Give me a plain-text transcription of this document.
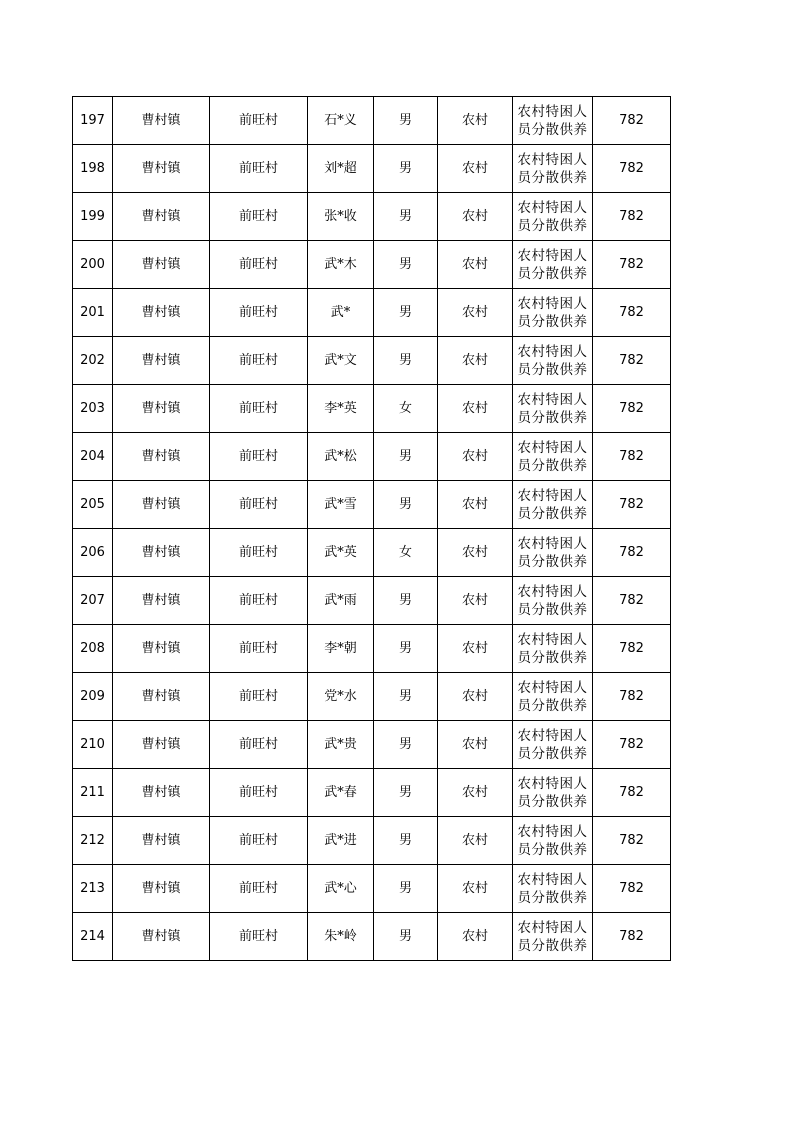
197	曹村镇	前旺村	石*义	男	农村	农村特困人员分散供养	782
198	曹村镇	前旺村	刘*超	男	农村	农村特困人员分散供养	782
199	曹村镇	前旺村	张*收	男	农村	农村特困人员分散供养	782
200	曹村镇	前旺村	武*木	男	农村	农村特困人员分散供养	782
201	曹村镇	前旺村	武*	男	农村	农村特困人员分散供养	782
202	曹村镇	前旺村	武*文	男	农村	农村特困人员分散供养	782
203	曹村镇	前旺村	李*英	女	农村	农村特困人员分散供养	782
204	曹村镇	前旺村	武*松	男	农村	农村特困人员分散供养	782
205	曹村镇	前旺村	武*雪	男	农村	农村特困人员分散供养	782
206	曹村镇	前旺村	武*英	女	农村	农村特困人员分散供养	782
207	曹村镇	前旺村	武*雨	男	农村	农村特困人员分散供养	782
208	曹村镇	前旺村	李*朝	男	农村	农村特困人员分散供养	782
209	曹村镇	前旺村	党*水	男	农村	农村特困人员分散供养	782
210	曹村镇	前旺村	武*贵	男	农村	农村特困人员分散供养	782
211	曹村镇	前旺村	武*春	男	农村	农村特困人员分散供养	782
212	曹村镇	前旺村	武*进	男	农村	农村特困人员分散供养	782
213	曹村镇	前旺村	武*心	男	农村	农村特困人员分散供养	782
214	曹村镇	前旺村	朱*岭	男	农村	农村特困人员分散供养	782
